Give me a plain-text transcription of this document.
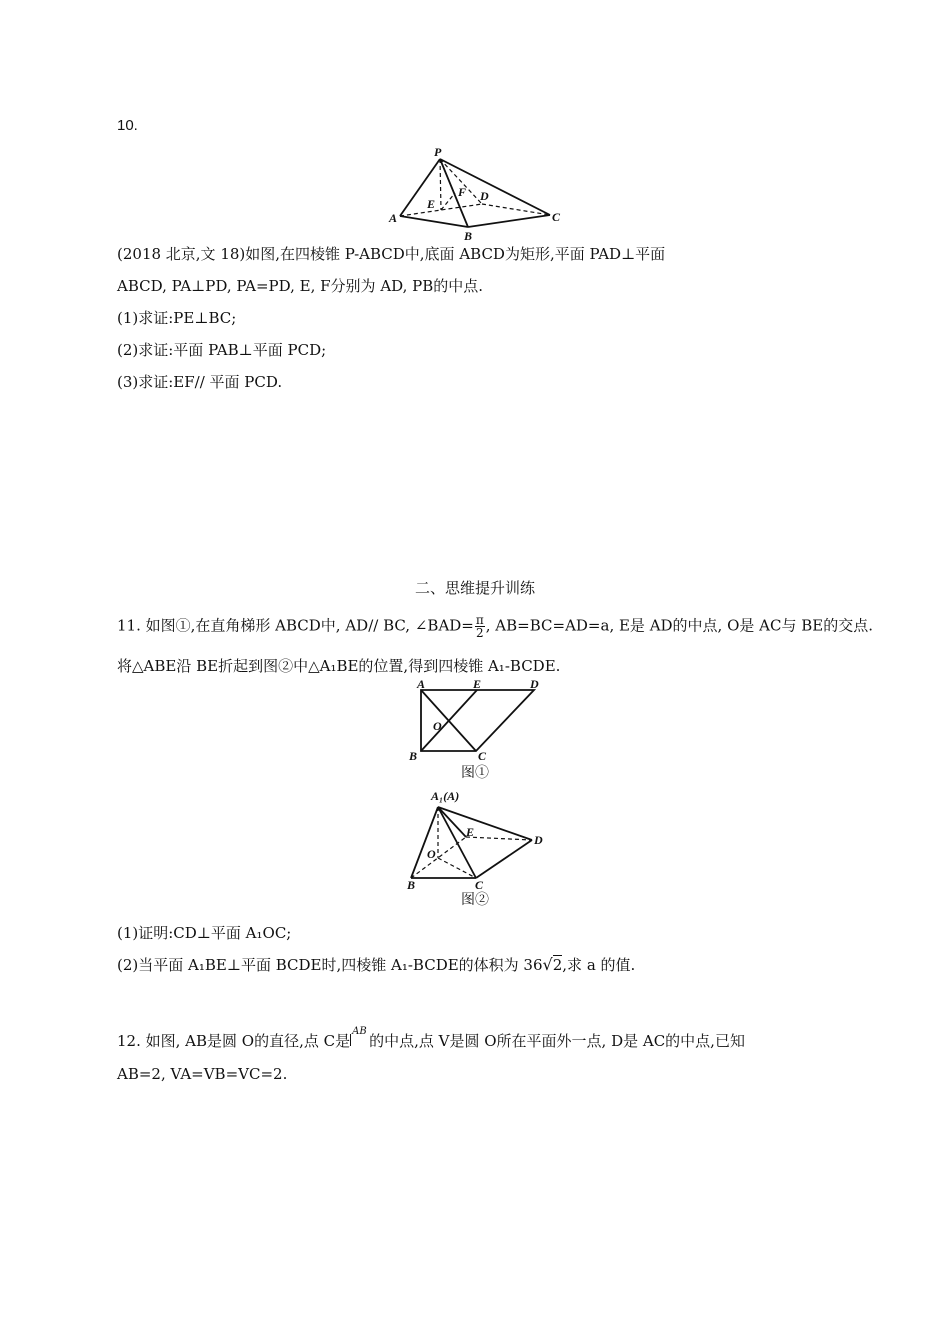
10.
P
A
B
C
D
E
F
(2018 北京,文 18)如图,在四棱锥 P-ABCD中,底面 ABCD为矩形,平面 PAD⊥平面
ABCD, PA⊥PD, PA=PD, E, F分别为 AD, PB的中点.
(1)求证:PE⊥BC;
(2)求证:平面 PAB⊥平面 PCD;
(3)求证:EF// 平面 PCD.
二、思维提升训练
11. 如图①,在直角梯形 ABCD中, AD// BC, ∠BAD= $\frac{\pi}{2}$ , AB=BC=AD=a, E是 AD的中点, O是 AC与 BE的交点.
将△ABE沿 BE折起到图②中△A₁BE的位置,得到四棱锥 A₁-BCDE.
A	E	D
O
B	C
图①
A₁(A)
E
D
O
B	C
图②
(1)证明:CD⊥平面 A₁OC;
(2)当平面 A₁BE⊥平面 BCDE时,四棱锥 A₁-BCDE的体积为 36√2,求 a 的值.
12. 如图, AB是圆 O的直径,点 C是
AB
的中点,点 V是圆 O所在平面外一点, D是 AC的中点,已知
AB=2, VA=VB=VC=2.
